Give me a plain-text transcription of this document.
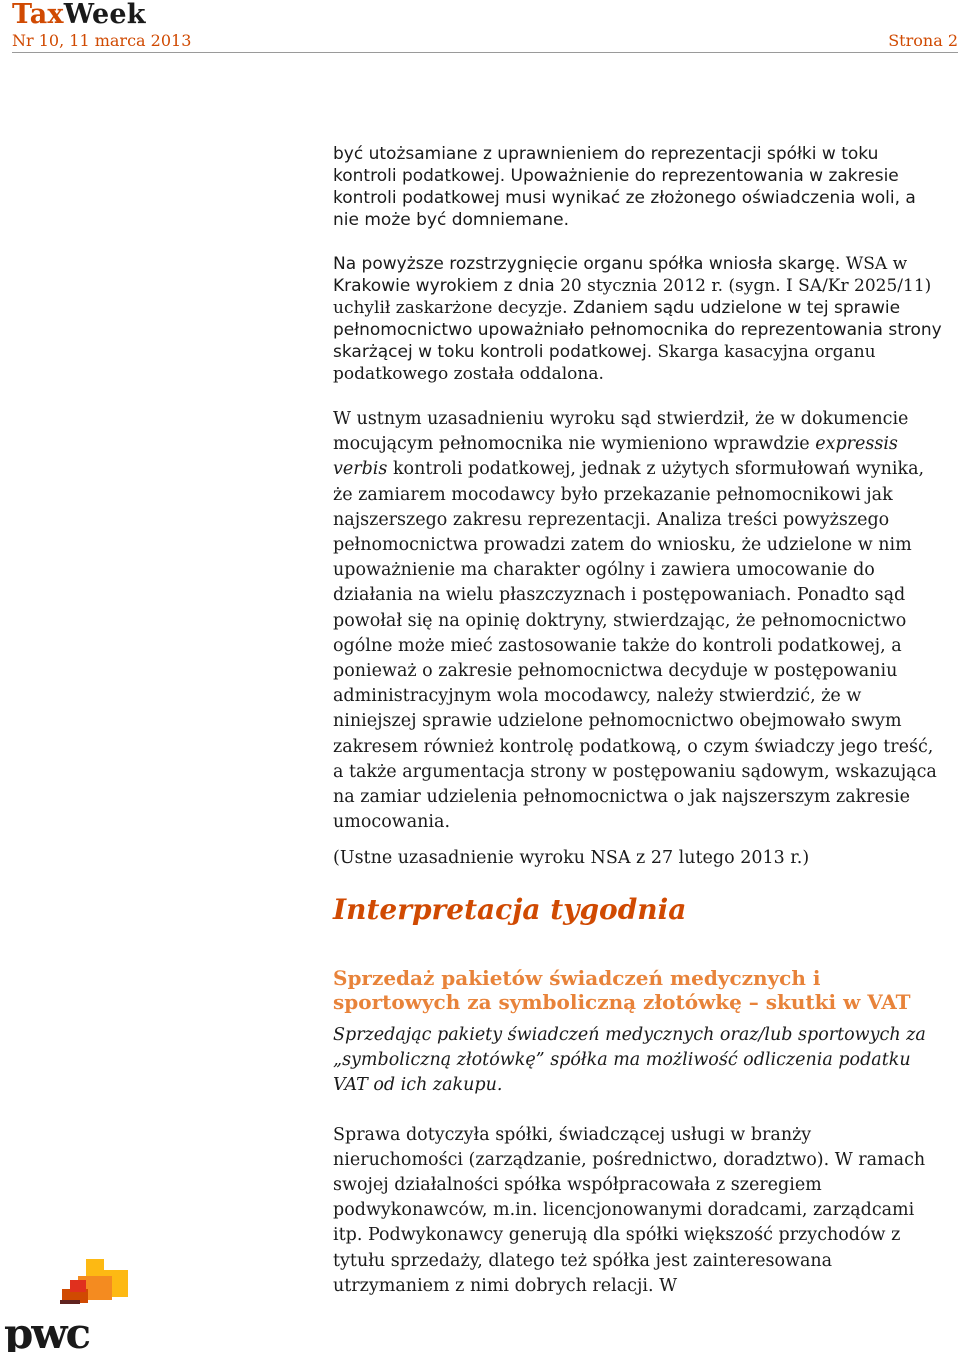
TaxWeek
Nr 10, 11 marca 2013	Strona 2

być utożsamiane z uprawnieniem do reprezentacji spółki w toku kontroli podatkowej. Upoważnienie do reprezentowania w zakresie kontroli podatkowej musi wynikać ze złożonego oświadczenia woli, a nie może być domniemane.

Na powyższe rozstrzygnięcie organu spółka wniosła skargę. WSA w Krakowie wyrokiem z dnia 20 stycznia 2012 r. (sygn. I SA/Kr 2025/11) uchylił zaskarżone decyzje. Zdaniem sądu udzielone w tej sprawie pełnomocnictwo upoważniało pełnomocnika do reprezentowania strony skarżącej w toku kontroli podatkowej. Skarga kasacyjna organu podatkowego została oddalona.

W ustnym uzasadnieniu wyroku sąd stwierdził, że w dokumencie mocującym pełnomocnika nie wymieniono wprawdzie expressis verbis kontroli podatkowej, jednak z użytych sformułowań wynika, że zamiarem mocodawcy było przekazanie pełnomocnikowi jak najszerszego zakresu reprezentacji. Analiza treści powyższego pełnomocnictwa prowadzi zatem do wniosku, że udzielone w nim upoważnienie ma charakter ogólny i zawiera umocowanie do działania na wielu płaszczyznach i postępowaniach. Ponadto sąd powołał się na opinię doktryny, stwierdzając, że pełnomocnictwo ogólne może mieć zastosowanie także do kontroli podatkowej, a ponieważ o zakresie pełnomocnictwa decyduje w postępowaniu administracyjnym wola mocodawcy, należy stwierdzić, że w niniejszej sprawie udzielone pełnomocnictwo obejmowało swym zakresem również kontrolę podatkową, o czym świadczy jego treść, a także argumentacja strony w postępowaniu sądowym, wskazująca na zamiar udzielenia pełnomocnictwa o jak najszerszym zakresie umocowania.

(Ustne uzasadnienie wyroku NSA z 27 lutego 2013 r.)

Interpretacja tygodnia
Sprzedaż pakietów świadczeń medycznych i sportowych za symboliczną złotówkę – skutki w VAT

Sprzedając pakiety świadczeń medycznych oraz/lub sportowych za „symboliczną złotówkę” spółka ma możliwość odliczenia podatku VAT od ich zakupu.

Sprawa dotyczyła spółki, świadczącej usługi w branży nieruchomości (zarządzanie, pośrednictwo, doradztwo). W ramach swojej działalności spółka współpracowała z szeregiem podwykonawców, m.in. licencjonowanymi doradcami, zarządcami itp. Podwykonawcy generują dla spółki większość przychodów z tytułu sprzedaży, dlatego też spółka jest zainteresowana utrzymaniem z nimi dobrych relacji. W

pwc
